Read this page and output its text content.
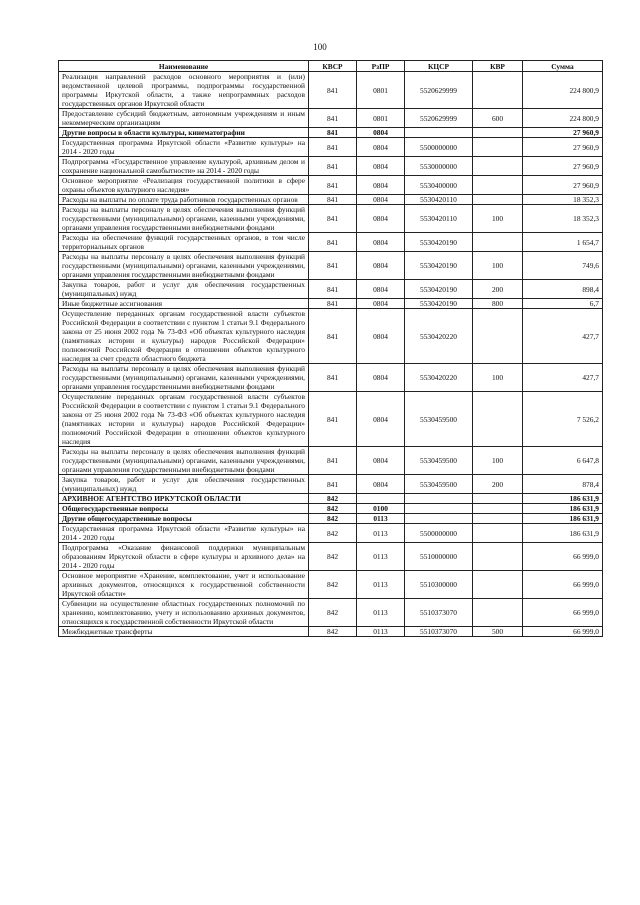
100
Наименование	КВСР	РзПР	КЦСР	КВР	Сумма
Реализация направлений расходов основного мероприятия и (или) ведомственной целевой программы, подпрограммы государственной программы Иркутской области, а также непрограммных расходов государственных органов Иркутской области	841	0801	5520629999		224 800,9
Предоставление субсидий бюджетным, автономным учреждениям и иным некоммерческим организациям	841	0801	5520629999	600	224 800,9
Другие вопросы в области культуры, кинематографии	841	0804			27 960,9
Государственная программа Иркутской области «Развитие культуры» на 2014 - 2020 годы	841	0804	5500000000		27 960,9
Подпрограмма «Государственное управление культурой, архивным делом и сохранение национальной самобытности» на 2014 - 2020 годы	841	0804	5530000000		27 960,9
Основное мероприятие «Реализация государственной политики в сфере охраны объектов культурного наследия»	841	0804	5530400000		27 960,9
Расходы на выплаты по оплате труда работников государственных органов	841	0804	5530420110		18 352,3
Расходы на выплаты персоналу в целях обеспечения выполнения функций государственными (муниципальными) органами, казенными учреждениями, органами управления государственными внебюджетными фондами	841	0804	5530420110	100	18 352,3
Расходы на обеспечение функций государственных органов, в том числе территориальных органов	841	0804	5530420190		1 654,7
Расходы на выплаты персоналу в целях обеспечения выполнения функций государственными (муниципальными) органами, казенными учреждениями, органами управления государственными внебюджетными фондами	841	0804	5530420190	100	749,6
Закупка товаров, работ и услуг для обеспечения государственных (муниципальных) нужд	841	0804	5530420190	200	898,4
Иные бюджетные ассигнования	841	0804	5530420190	800	6,7
Осуществление переданных органам государственной власти субъектов Российской Федерации в соответствии с пунктом 1 статьи 9.1 Федерального закона от 25 июня 2002 года № 73-ФЗ «Об объектах культурного наследия (памятниках истории и культуры) народов Российской Федерации» полномочий Российской Федерации в отношении объектов культурного наследия за счет средств областного бюджета	841	0804	5530420220		427,7
Расходы на выплаты персоналу в целях обеспечения выполнения функций государственными (муниципальными) органами, казенными учреждениями, органами управления государственными внебюджетными фондами	841	0804	5530420220	100	427,7
Осуществление переданных органам государственной власти субъектов Российской Федерации в соответствии с пунктом 1 статьи 9.1 Федерального закона от 25 июня 2002 года № 73-ФЗ «Об объектах культурного наследия (памятниках истории и культуры) народов Российской Федерации» полномочий Российской Федерации в отношении объектов культурного наследия	841	0804	5530459500		7 526,2
Расходы на выплаты персоналу в целях обеспечения выполнения функций государственными (муниципальными) органами, казенными учреждениями, органами управления государственными внебюджетными фондами	841	0804	5530459500	100	6 647,8
Закупка товаров, работ и услуг для обеспечения государственных (муниципальных) нужд	841	0804	5530459500	200	878,4
АРХИВНОЕ АГЕНТСТВО ИРКУТСКОЙ ОБЛАСТИ	842				186 631,9
Общегосударственные вопросы	842	0100			186 631,9
Другие общегосударственные вопросы	842	0113			186 631,9
Государственная программа Иркутской области «Развитие культуры» на 2014 - 2020 годы	842	0113	5500000000		186 631,9
Подпрограмма «Оказание финансовой поддержки муниципальным образованиям Иркутской области в сфере культуры и архивного дела» на 2014 - 2020 годы	842	0113	5510000000		66 999,0
Основное мероприятие «Хранение, комплектование, учет и использование архивных документов, относящихся к государственной собственности Иркутской области»	842	0113	5510300000		66 999,0
Субвенции на осуществление областных государственных полномочий по хранению, комплектованию, учету и использованию архивных документов, относящихся к государственной собственности Иркутской области	842	0113	5510373070		66 999,0
Межбюджетные трансферты	842	0113	5510373070	500	66 999,0
